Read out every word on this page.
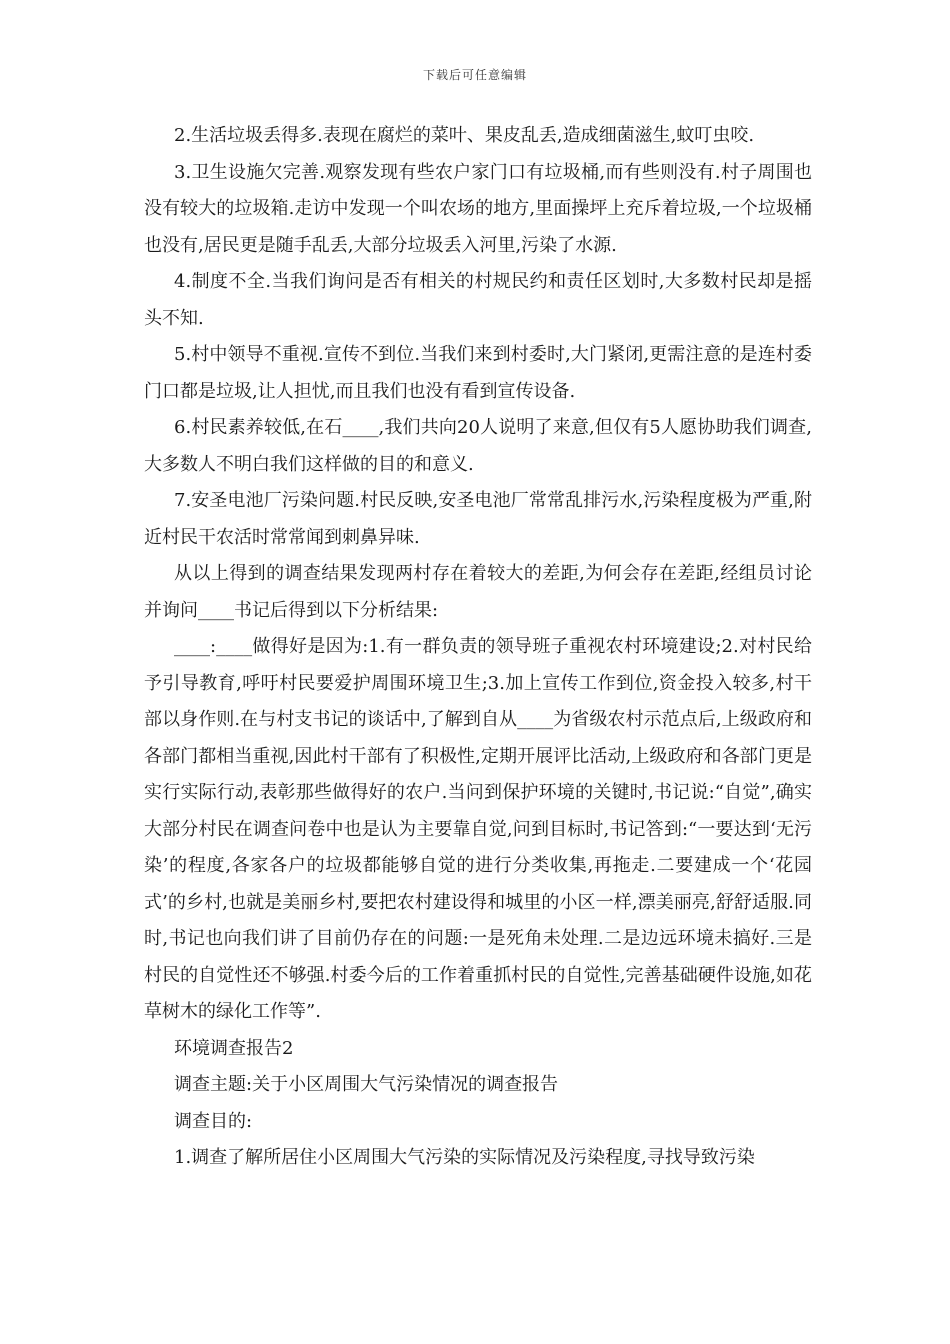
下载后可任意编辑

2.生活垃圾丢得多.表现在腐烂的菜叶、果皮乱丢,造成细菌滋生,蚊叮虫咬.

3.卫生设施欠完善.观察发现有些农户家门口有垃圾桶,而有些则没有.村子周围也没有较大的垃圾箱.走访中发现一个叫农场的地方,里面操坪上充斥着垃圾,一个垃圾桶也没有,居民更是随手乱丢,大部分垃圾丢入河里,污染了水源.

4.制度不全.当我们询问是否有相关的村规民约和责任区划时,大多数村民却是摇头不知.

5.村中领导不重视.宣传不到位.当我们来到村委时,大门紧闭,更需注意的是连村委门口都是垃圾,让人担忧,而且我们也没有看到宣传设备.

6.村民素养较低,在石____,我们共向20人说明了来意,但仅有5人愿协助我们调查,大多数人不明白我们这样做的目的和意义.

7.安圣电池厂污染问题.村民反映,安圣电池厂常常乱排污水,污染程度极为严重,附近村民干农活时常常闻到刺鼻异味.

从以上得到的调查结果发现两村存在着较大的差距,为何会存在差距,经组员讨论并询问____书记后得到以下分析结果:

____:____做得好是因为:1.有一群负责的领导班子重视农村环境建设;2.对村民给予引导教育,呼吁村民要爱护周围环境卫生;3.加上宣传工作到位,资金投入较多,村干部以身作则.在与村支书记的谈话中,了解到自从____为省级农村示范点后,上级政府和各部门都相当重视,因此村干部有了积极性,定期开展评比活动,上级政府和各部门更是实行实际行动,表彰那些做得好的农户.当问到保护环境的关键时,书记说:“自觉”,确实大部分村民在调查问卷中也是认为主要靠自觉,问到目标时,书记答到:“一要达到‘无污染’的程度,各家各户的垃圾都能够自觉的进行分类收集,再拖走.二要建成一个‘花园式’的乡村,也就是美丽乡村,要把农村建设得和城里的小区一样,漂美丽亮,舒舒适服.同时,书记也向我们讲了目前仍存在的问题:一是死角未处理.二是边远环境未搞好.三是村民的自觉性还不够强.村委今后的工作着重抓村民的自觉性,完善基础硬件设施,如花草树木的绿化工作等”.

环境调查报告2

调查主题:关于小区周围大气污染情况的调查报告

调查目的:

1.调查了解所居住小区周围大气污染的实际情况及污染程度,寻找导致污染
